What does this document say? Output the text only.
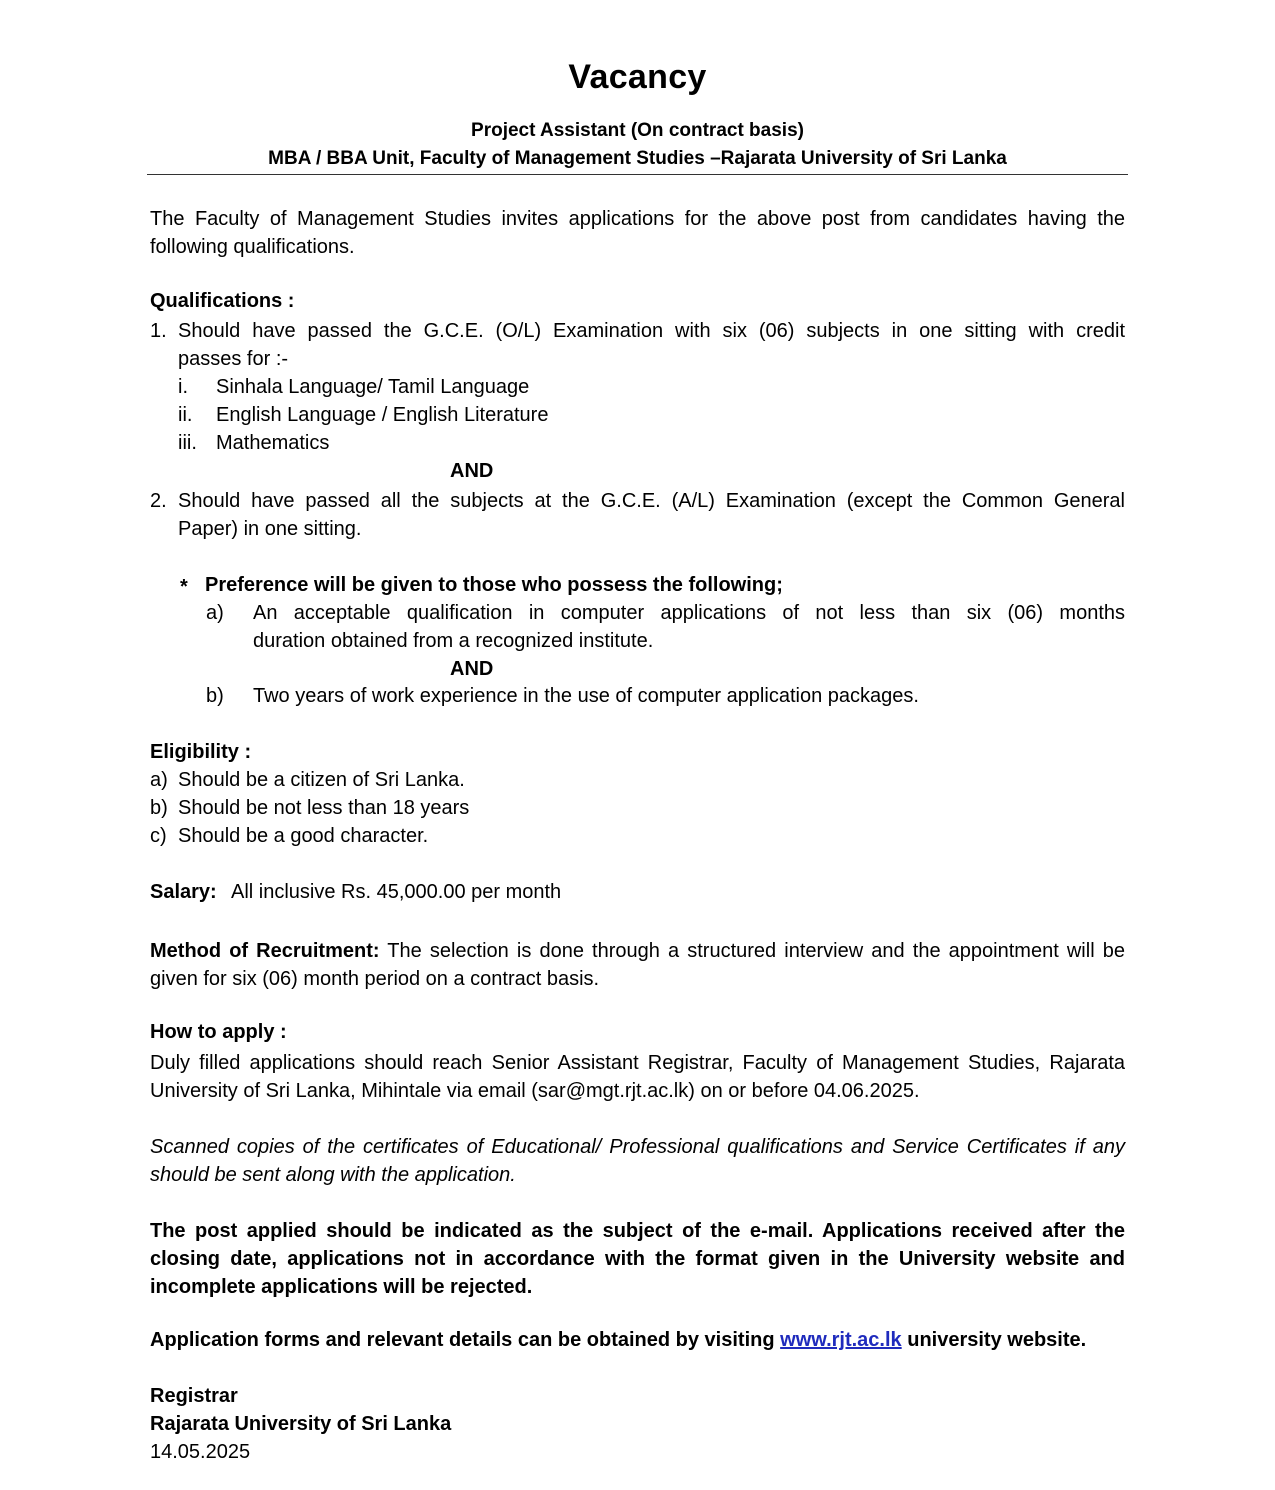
Vacancy
Project Assistant (On contract basis)
MBA / BBA Unit, Faculty of Management Studies –Rajarata University of Sri Lanka
The Faculty of Management Studies invites applications for the above post from candidates having the following qualifications.
Qualifications :
1. Should have passed the G.C.E. (O/L) Examination with six (06) subjects in one sitting with credit
passes for :-
i. Sinhala Language/ Tamil Language
ii. English Language / English Literature
iii. Mathematics
AND
2. Should have passed all the subjects at the G.C.E. (A/L) Examination (except the Common General
Paper) in one sitting.
* Preference will be given to those who possess the following;
a) An acceptable qualification in computer applications of not less than six (06) months
duration obtained from a recognized institute.
AND
b) Two years of work experience in the use of computer application packages.
Eligibility :
a) Should be a citizen of Sri Lanka.
b) Should be not less than 18 years
c) Should be a good character.
Salary: All inclusive Rs. 45,000.00 per month
Method of Recruitment: The selection is done through a structured interview and the appointment will be given for six (06) month period on a contract basis.
How to apply :
Duly filled applications should reach Senior Assistant Registrar, Faculty of Management Studies, Rajarata University of Sri Lanka, Mihintale via email (sar@mgt.rjt.ac.lk) on or before 04.06.2025.
Scanned copies of the certificates of Educational/ Professional qualifications and Service Certificates if any should be sent along with the application.
The post applied should be indicated as the subject of the e-mail. Applications received after the closing date, applications not in accordance with the format given in the University website and incomplete applications will be rejected.
Application forms and relevant details can be obtained by visiting www.rjt.ac.lk university website.
Registrar
Rajarata University of Sri Lanka
14.05.2025
